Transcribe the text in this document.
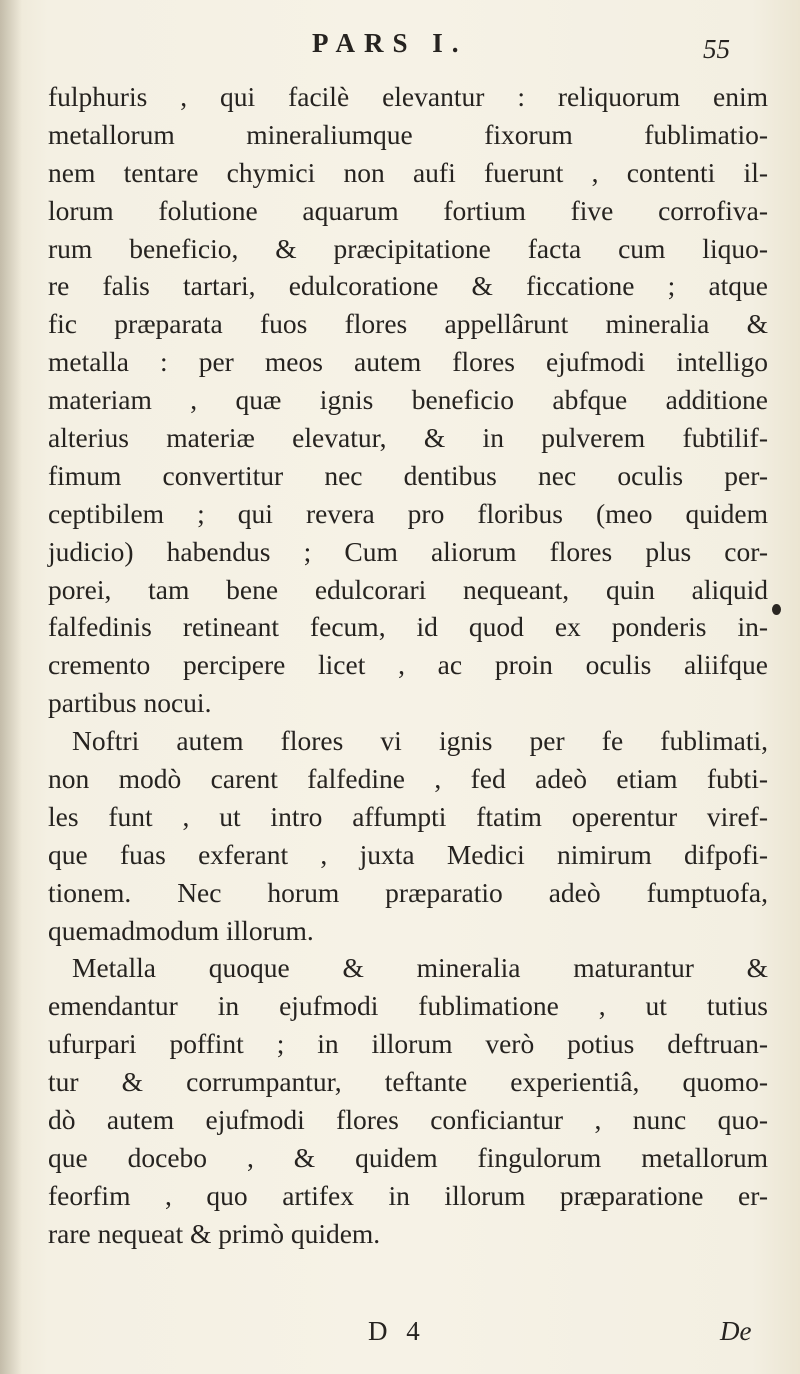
PARS I.	55
fulphuris , qui facilè elevantur : reliquorum enim
metallorum mineraliumque fixorum fublimatio-
nem tentare chymici non aufi fuerunt , contenti il-
lorum folutione aquarum fortium five corrofiva-
rum beneficio, & præcipitatione facta cum liquo-
re falis tartari, edulcoratione & ficcatione ; atque
fic præparata fuos flores appellârunt mineralia &
metalla : per meos autem flores ejufmodi intelligo
materiam , quæ ignis beneficio abfque additione
alterius materiæ elevatur, & in pulverem fubtilif-
fimum convertitur nec dentibus nec oculis per-
ceptibilem ; qui revera pro floribus (meo quidem
judicio) habendus ; Cum aliorum flores plus cor-
porei, tam bene edulcorari nequeant, quin aliquid
falfedinis retineant fecum, id quod ex ponderis in-
cremento percipere licet , ac proin oculis aliifque
partibus nocui.
Noftri autem flores vi ignis per fe fublimati,
non modò carent falfedine , fed adeò etiam fubti-
les funt , ut intro affumpti ftatim operentur viref-
que fuas exferant , juxta Medici nimirum difpofi-
tionem. Nec horum præparatio adeò fumptuofa,
quemadmodum illorum.
Metalla quoque & mineralia maturantur &
emendantur in ejufmodi fublimatione , ut tutius
ufurpari poffint ; in illorum verò potius deftruan-
tur & corrumpantur, teftante experientiâ, quomo-
dò autem ejufmodi flores conficiantur , nunc quo-
que docebo , & quidem fingulorum metallorum
feorfim , quo artifex in illorum præparatione er-
rare nequeat & primò quidem.
D 4	De
